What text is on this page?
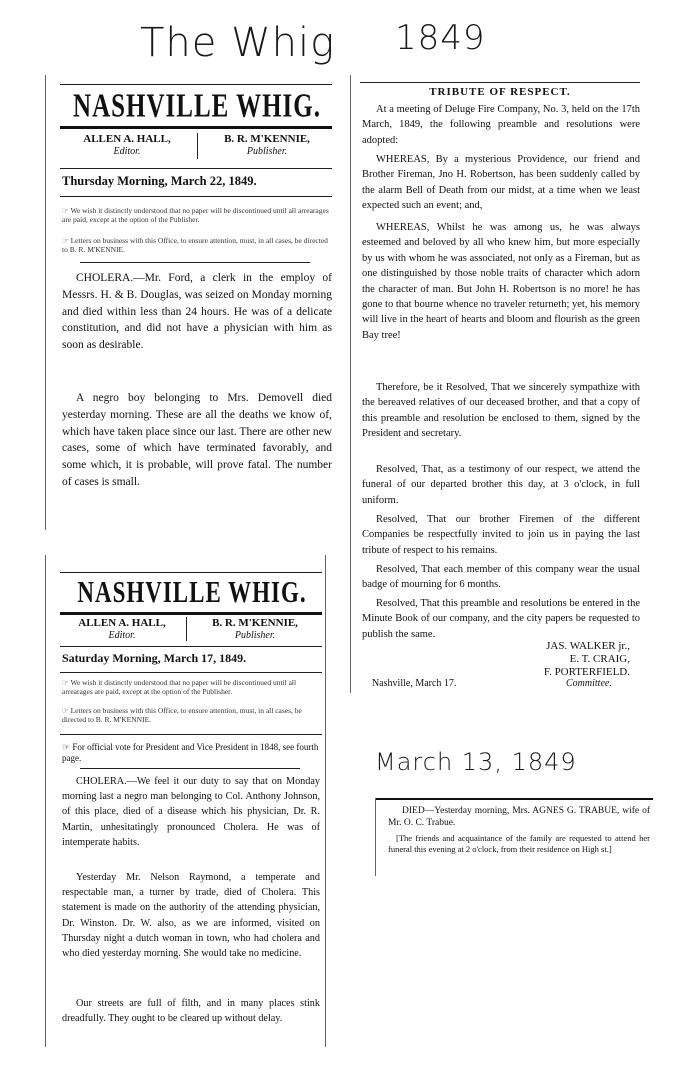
The Whig 1849
March 13, 1849
NASHVILLE WHIG.
ALLEN A. HALL,
Editor.
B. R. M'KENNIE,
Publisher.
Thursday Morning, March 22, 1849.
☞ We wish it distinctly understood that no paper will be discontinued until all arrearages are paid, except at the option of the Publisher.
☞ Letters on business with this Office, to ensure attention, must, in all cases, be directed to B. R. M'KENNIE.

CHOLERA.—Mr. Ford, a clerk in the employ of Messrs. H. & B. Douglas, was seized on Monday morning and died within less than 24 hours. He was of a delicate constitution, and did not have a physician with him as soon as desirable.

A negro boy belonging to Mrs. Demovell died yesterday morning. These are all the deaths we know of, which have taken place since our last. There are other new cases, some of which have terminated favorably, and some which, it is probable, will prove fatal. The number of cases is small.

NASHVILLE WHIG.
ALLEN A. HALL,
Editor.
B. R. M'KENNIE,
Publisher.
Saturday Morning, March 17, 1849.
☞ We wish it distinctly understood that no paper will be discontinued until all arrearages are paid, except at the option of the Publisher.
☞ Letters on business with this Office, to ensure attention, must, in all cases, be directed to B. R. M'KENNIE.
☞ For official vote for President and Vice President in 1848, see fourth page.

CHOLERA.—We feel it our duty to say that on Monday morning last a negro man belonging to Col. Anthony Johnson, of this place, died of a disease which his physician, Dr. R. Martin, unhesitatingly pronounced Cholera. He was of intemperate habits.

Yesterday Mr. Nelson Raymond, a temperate and respectable man, a turner by trade, died of Cholera. This statement is made on the authority of the attending physician, Dr. Winston. Dr. W. also, as we are informed, visited on Thursday night a dutch woman in town, who had cholera and who died yesterday morning. She would take no medicine.

Our streets are full of filth, and in many places stink dreadfully. They ought to be cleared up without delay.

TRIBUTE OF RESPECT.

At a meeting of Deluge Fire Company, No. 3, held on the 17th March, 1849, the following preamble and resolutions were adopted:

WHEREAS, By a mysterious Providence, our friend and Brother Fireman, Jno H. Robertson, has been suddenly called by the alarm Bell of Death from our midst, at a time when we least expected such an event; and,

WHEREAS, Whilst he was among us, he was always esteemed and beloved by all who knew him, but more especially by us with whom he was associated, not only as a Fireman, but as one distinguished by those noble traits of character which adorn the character of man. But John H. Robertson is no more! he has gone to that bourne whence no traveler returneth; yet, his memory will live in the heart of hearts and bloom and flourish as the green Bay tree!

Therefore, be it Resolved, That we sincerely sympathize with the bereaved relatives of our deceased brother, and that a copy of this preamble and resolution be enclosed to them, signed by the President and secretary.

Resolved, That, as a testimony of our respect, we attend the funeral of our departed brother this day, at 3 o'clock, in full uniform.

Resolved, That our brother Firemen of the different Companies be respectfully invited to join us in paying the last tribute of respect to his remains.

Resolved, That each member of this company wear the usual badge of mourning for 6 months.

Resolved, That this preamble and resolutions be entered in the Minute Book of our company, and the city papers be requested to publish the same.

JAS. WALKER jr.,
E. T. CRAIG,
F. PORTERFIELD.
Nashville, March 17.	Committee.
DIED—Yesterday morning, Mrs. AGNES G. TRABUE, wife of Mr. O. C. Trabue.
[The friends and acquaintance of the family are requested to attend her funeral this evening at 2 o'clock, from their residence on High st.]
